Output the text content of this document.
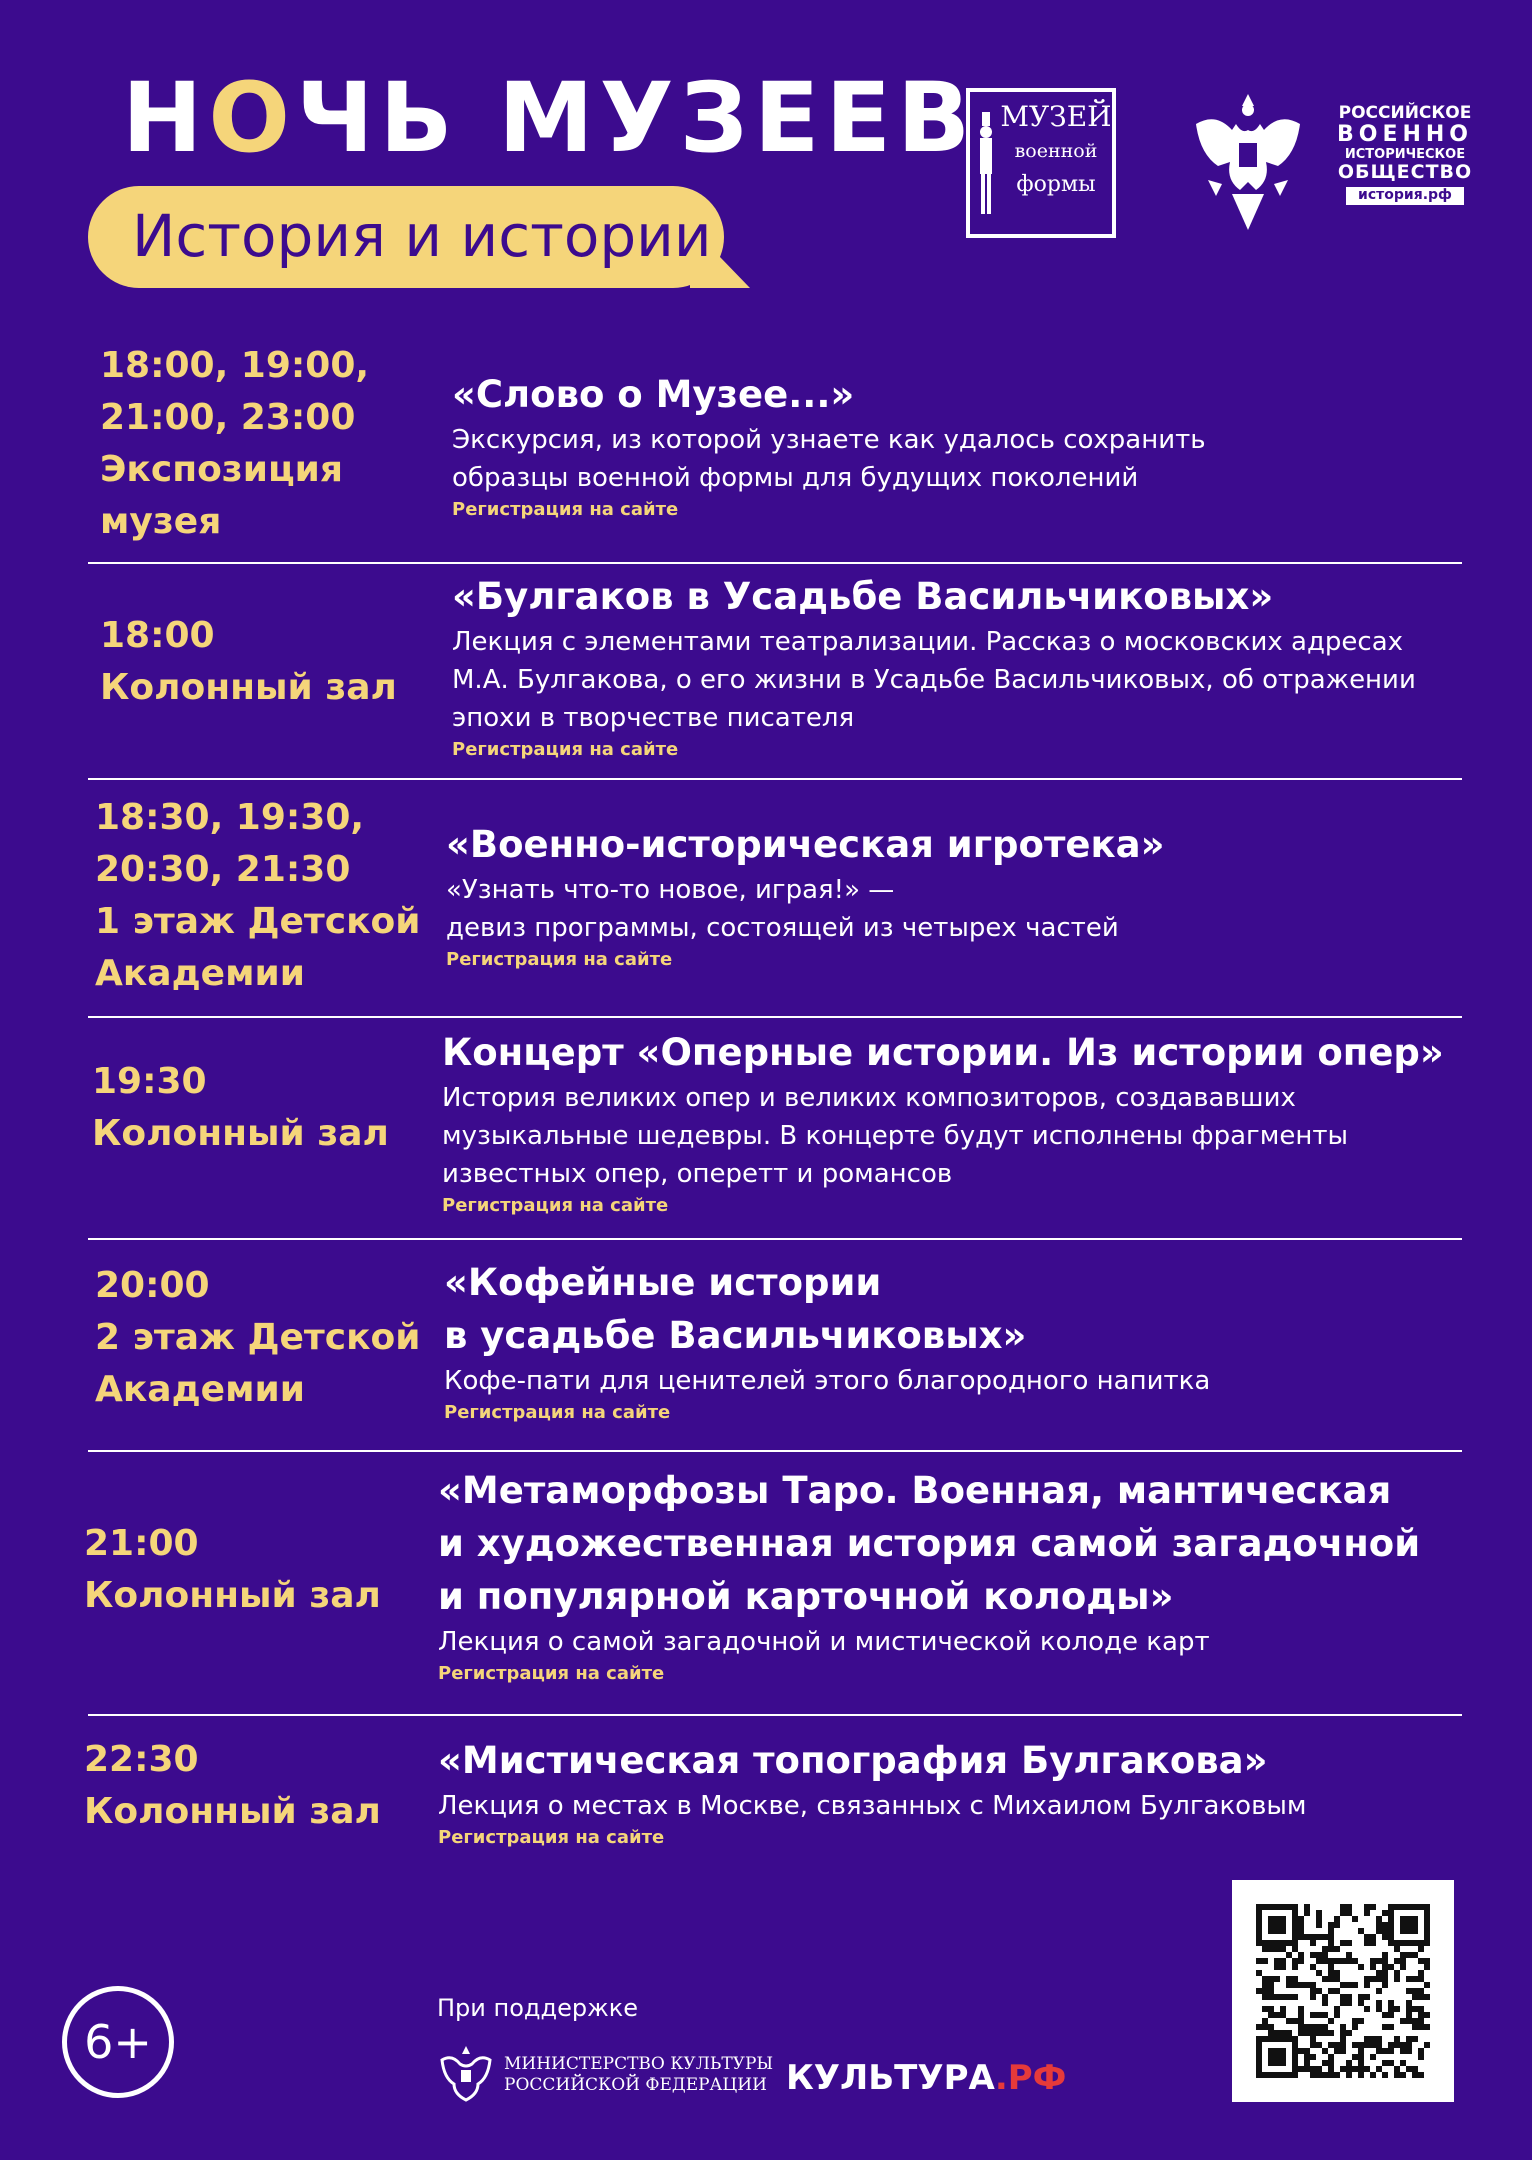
НОЧЬ МУЗЕЕВ
История и истории
МУЗЕЙ
военной
формы
РОССИЙСКОЕ
ВОЕННО
ИСТОРИЧЕСКОЕ
ОБЩЕСТВО
история.рф
18:00, 19:00,
21:00, 23:00
Экспозиция
музея
«Слово о Музее...»
Экскурсия, из которой узнаете как удалось сохранить
образцы военной формы для будущих поколений
Регистрация на сайте
18:00
Колонный зал
«Булгаков в Усадьбе Васильчиковых»
Лекция с элементами театрализации. Рассказ о московских адресах
М.А. Булгакова, о его жизни в Усадьбе Васильчиковых, об отражении
эпохи в творчестве писателя
Регистрация на сайте
18:30, 19:30,
20:30, 21:30
1 этаж Детской
Академии
«Военно-историческая игротека»
«Узнать что-то новое, играя!» —
девиз программы, состоящей из четырех частей
Регистрация на сайте
19:30
Колонный зал
Концерт «Оперные истории. Из истории опер»
История великих опер и великих композиторов, создававших
музыкальные шедевры. В концерте будут исполнены фрагменты
известных опер, оперетт и романсов
Регистрация на сайте
20:00
2 этаж Детской
Академии
«Кофейные истории
в усадьбе Васильчиковых»
Кофе-пати для ценителей этого благородного напитка
Регистрация на сайте
21:00
Колонный зал
«Метаморфозы Таро. Военная, мантическая
и художественная история самой загадочной
и популярной карточной колоды»
Лекция о самой загадочной и мистической колоде карт
Регистрация на сайте
22:30
Колонный зал
«Мистическая топография Булгакова»
Лекция о местах в Москве, связанных с Михаилом Булгаковым
Регистрация на сайте
6+
При поддержке
МИНИСТЕРСТВО КУЛЬТУРЫ
РОССИЙСКОЙ ФЕДЕРАЦИИ КУЛЬТУРА.РФ
